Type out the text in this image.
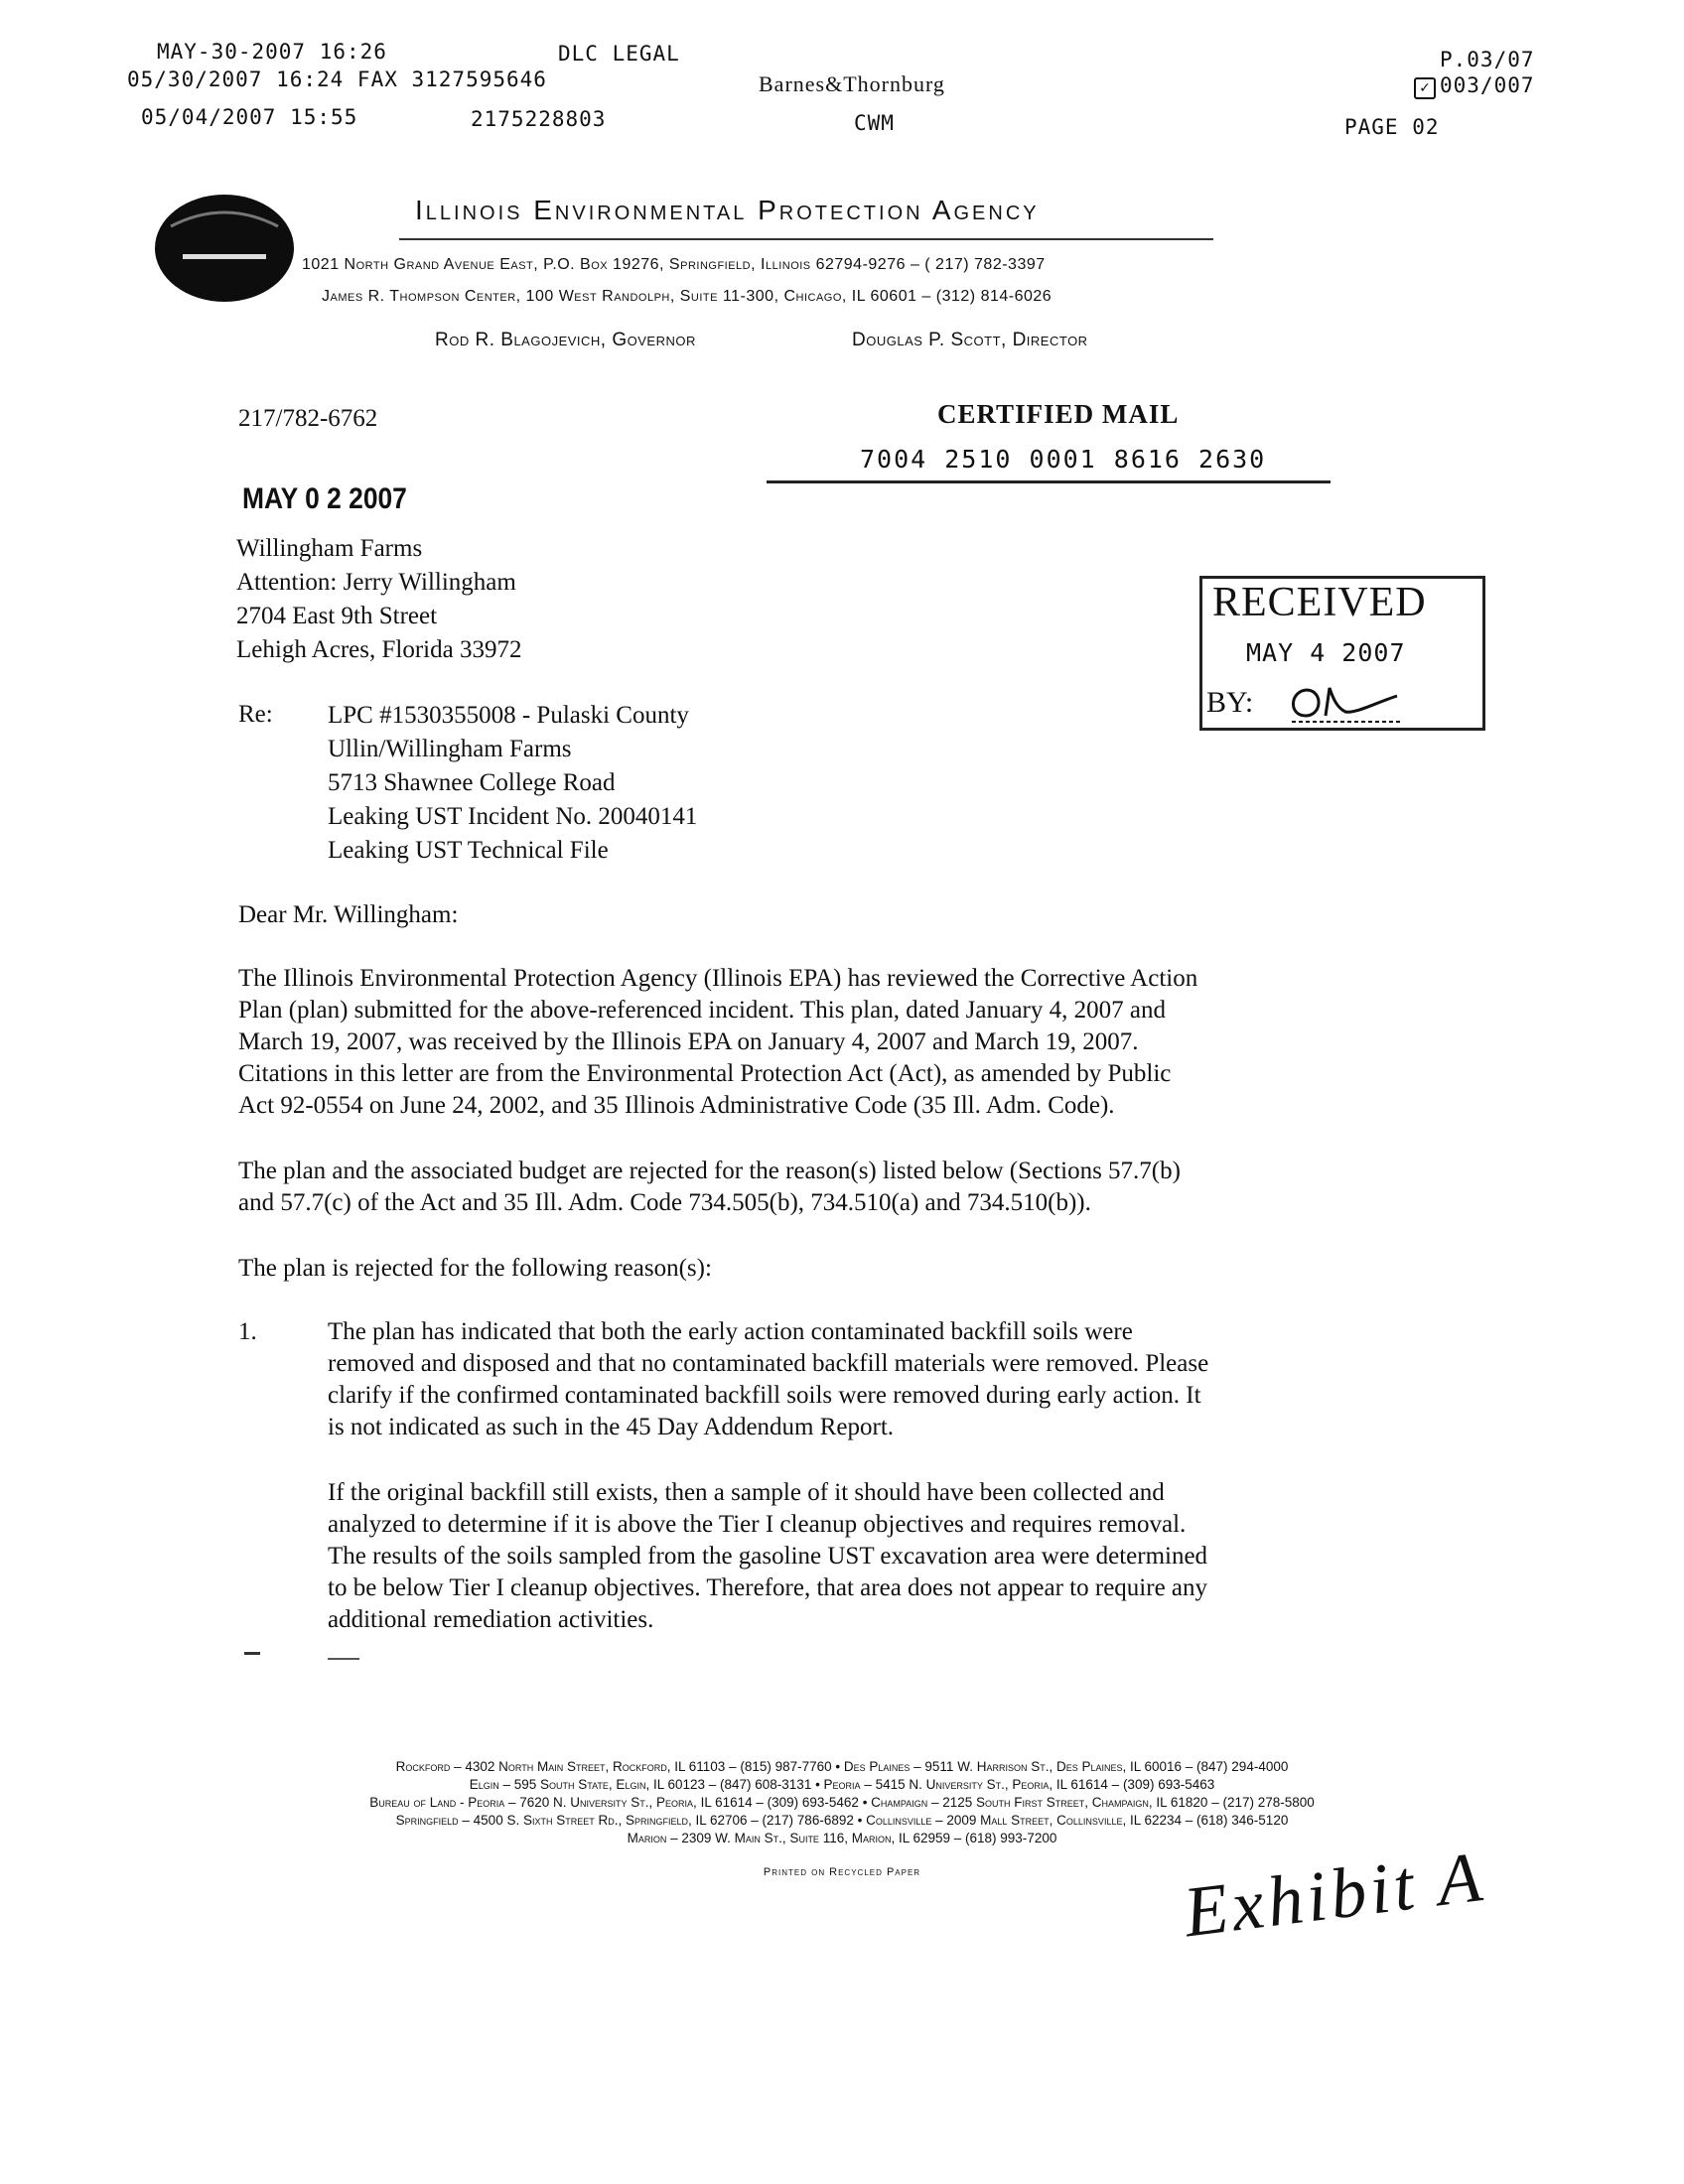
MAY-30-2007 16:26	DLC LEGAL	P.03/07
05/30/2007 16:24 FAX 3127595646	Barnes&Thornburg	✓ 003/007
05/04/2007 15:55	2175228803	CWM	PAGE 02
Illinois Environmental Protection Agency
1021 North Grand Avenue East, P.O. Box 19276, Springfield, Illinois 62794-9276 – ( 217) 782-3397
James R. Thompson Center, 100 West Randolph, Suite 11-300, Chicago, IL 60601 – (312) 814-6026
Rod R. Blagojevich, Governor	Douglas P. Scott, Director
217/782-6762	CERTIFIED MAIL
7004 2510 0001 8616 2630
MAY 0 2 2007
Willingham Farms
Attention: Jerry Willingham
2704 East 9th Street
Lehigh Acres, Florida 33972
RECEIVED
MAY 4 2007
BY:
Re: LPC #1530355008 - Pulaski County
Ullin/Willingham Farms
5713 Shawnee College Road
Leaking UST Incident No. 20040141
Leaking UST Technical File
Dear Mr. Willingham:
The Illinois Environmental Protection Agency (Illinois EPA) has reviewed the Corrective Action
Plan (plan) submitted for the above-referenced incident. This plan, dated January 4, 2007 and
March 19, 2007, was received by the Illinois EPA on January 4, 2007 and March 19, 2007.
Citations in this letter are from the Environmental Protection Act (Act), as amended by Public
Act 92-0554 on June 24, 2002, and 35 Illinois Administrative Code (35 Ill. Adm. Code).
The plan and the associated budget are rejected for the reason(s) listed below (Sections 57.7(b)
and 57.7(c) of the Act and 35 Ill. Adm. Code 734.505(b), 734.510(a) and 734.510(b)).
The plan is rejected for the following reason(s):
1.	The plan has indicated that both the early action contaminated backfill soils were
removed and disposed and that no contaminated backfill materials were removed. Please
clarify if the confirmed contaminated backfill soils were removed during early action. It
is not indicated as such in the 45 Day Addendum Report.
If the original backfill still exists, then a sample of it should have been collected and
analyzed to determine if it is above the Tier I cleanup objectives and requires removal.
The results of the soils sampled from the gasoline UST excavation area were determined
to be below Tier I cleanup objectives. Therefore, that area does not appear to require any
additional remediation activities.
Rockford – 4302 North Main Street, Rockford, IL 61103 – (815) 987-7760 • Des Plaines – 9511 W. Harrison St., Des Plaines, IL 60016 – (847) 294-4000
Elgin – 595 South State, Elgin, IL 60123 – (847) 608-3131 • Peoria – 5415 N. University St., Peoria, IL 61614 – (309) 693-5463
Bureau of Land - Peoria – 7620 N. University St., Peoria, IL 61614 – (309) 693-5462 • Champaign – 2125 South First Street, Champaign, IL 61820 – (217) 278-5800
Springfield – 4500 S. Sixth Street Rd., Springfield, IL 62706 – (217) 786-6892 • Collinsville – 2009 Mall Street, Collinsville, IL 62234 – (618) 346-5120
Marion – 2309 W. Main St., Suite 116, Marion, IL 62959 – (618) 993-7200
Printed on Recycled Paper	Exhibit A
